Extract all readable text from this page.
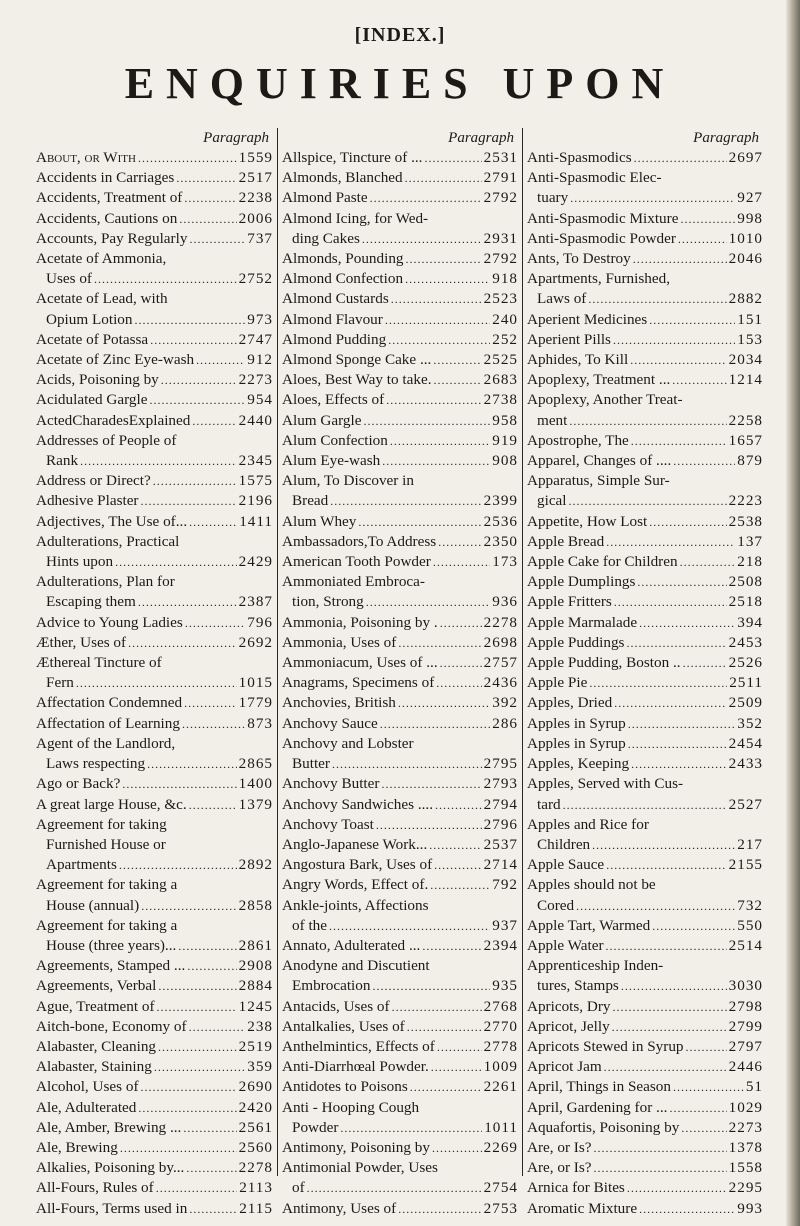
[INDEX.]
ENQUIRIES UPON
Paragraph
About, or With .....	1559
Accidents in Carriages .....	2517
Accidents, Treatment of .....	2238
Accidents, Cautions on .....	2006
Accounts, Pay Regularly .....	737
Acetate of Ammonia,
Uses of .....	2752
Acetate of Lead, with
Opium Lotion .....	973
Acetate of Potassa .....	2747
Acetate of Zinc Eye-wash .....	912
Acids, Poisoning by .....	2273
Acidulated Gargle .....	954
ActedCharadesExplained .....	2440
Addresses of People of
Rank .....	2345
Address or Direct? .....	1575
Adhesive Plaster .....	2196
Adjectives, The Use of... .....	1411
Adulterations, Practical
Hints upon .....	2429
Adulterations, Plan for
Escaping them .....	2387
Advice to Young Ladies .....	796
Æther, Uses of .....	2692
Æthereal Tincture of
Fern .....	1015
Affectation Condemned .....	1779
Affectation of Learning .....	873
Agent of the Landlord,
Laws respecting .....	2865
Ago or Back? .....	1400
A great large House, &c. .....	1379
Agreement for taking
Furnished House or
Apartments .....	2892
Agreement for taking a
House (annual) .....	2858
Agreement for taking a
House (three years)... .....	2861
Agreements, Stamped ... .....	2908
Agreements, Verbal .....	2884
Ague, Treatment of .....	1245
Aitch-bone, Economy of .....	238
Alabaster, Cleaning .....	2519
Alabaster, Staining .....	359
Alcohol, Uses of .....	2690
Ale, Adulterated .....	2420
Ale, Amber, Brewing ... .....	2561
Ale, Brewing .....	2560
Alkalies, Poisoning by... .....	2278
All-Fours, Rules of .....	2113
All-Fours, Terms used in .....	2115
Paragraph
Allspice, Tincture of ... .....	2531
Almonds, Blanched .....	2791
Almond Paste .....	2792
Almond Icing, for Wed-
ding Cakes .....	2931
Almonds, Pounding .....	2792
Almond Confection .....	918
Almond Custards .....	2523
Almond Flavour .....	240
Almond Pudding .....	252
Almond Sponge Cake ... .....	2525
Aloes, Best Way to take. .....	2683
Aloes, Effects of .....	2738
Alum Gargle .....	958
Alum Confection .....	919
Alum Eye-wash .....	908
Alum, To Discover in
Bread .....	2399
Alum Whey .....	2536
Ambassadors,To Address .....	2350
American Tooth Powder .....	173
Ammoniated Embroca-
tion, Strong .....	936
Ammonia, Poisoning by . .....	2278
Ammonia, Uses of .....	2698
Ammoniacum, Uses of ... .....	2757
Anagrams, Specimens of .....	2436
Anchovies, British .....	392
Anchovy Sauce .....	286
Anchovy and Lobster
Butter .....	2795
Anchovy Butter .....	2793
Anchovy Sandwiches .... .....	2794
Anchovy Toast .....	2796
Anglo-Japanese Work... .....	2537
Angostura Bark, Uses of .....	2714
Angry Words, Effect of. .....	792
Ankle-joints, Affections
of the .....	937
Annato, Adulterated ... .....	2394
Anodyne and Discutient
Embrocation .....	935
Antacids, Uses of .....	2768
Antalkalies, Uses of .....	2770
Anthelmintics, Effects of .....	2778
Anti-Diarrhœal Powder. .....	1009
Antidotes to Poisons .....	2261
Anti - Hooping Cough
Powder .....	1011
Antimony, Poisoning by .....	2269
Antimonial Powder, Uses
of .....	2754
Antimony, Uses of .....	2753
Paragraph
Anti-Spasmodics .....	2697
Anti-Spasmodic Elec-
tuary .....	927
Anti-Spasmodic Mixture .....	998
Anti-Spasmodic Powder .....	1010
Ants, To Destroy .....	2046
Apartments, Furnished,
Laws of .....	2882
Aperient Medicines .....	151
Aperient Pills .....	153
Aphides, To Kill .....	2034
Apoplexy, Treatment ... .....	1214
Apoplexy, Another Treat-
ment .....	2258
Apostrophe, The .....	1657
Apparel, Changes of .... .....	879
Apparatus, Simple Sur-
gical .....	2223
Appetite, How Lost .....	2538
Apple Bread .....	137
Apple Cake for Children .....	218
Apple Dumplings .....	2508
Apple Fritters .....	2518
Apple Marmalade .....	394
Apple Puddings .....	2453
Apple Pudding, Boston .. .....	2526
Apple Pie .....	2511
Apples, Dried .....	2509
Apples in Syrup .....	352
Apples in Syrup .....	2454
Apples, Keeping .....	2433
Apples, Served with Cus-
tard .....	2527
Apples and Rice for
Children .....	217
Apple Sauce .....	2155
Apples should not be
Cored .....	732
Apple Tart, Warmed .....	550
Apple Water .....	2514
Apprenticeship Inden-
tures, Stamps .....	3030
Apricots, Dry .....	2798
Apricot, Jelly .....	2799
Apricots Stewed in Syrup .....	2797
Apricot Jam .....	2446
April, Things in Season .....	51
April, Gardening for ... .....	1029
Aquafortis, Poisoning by .....	2273
Are, or Is? .....	1378
Are, or Is? .....	1558
Arnica for Bites .....	2295
Aromatic Mixture .....	993
